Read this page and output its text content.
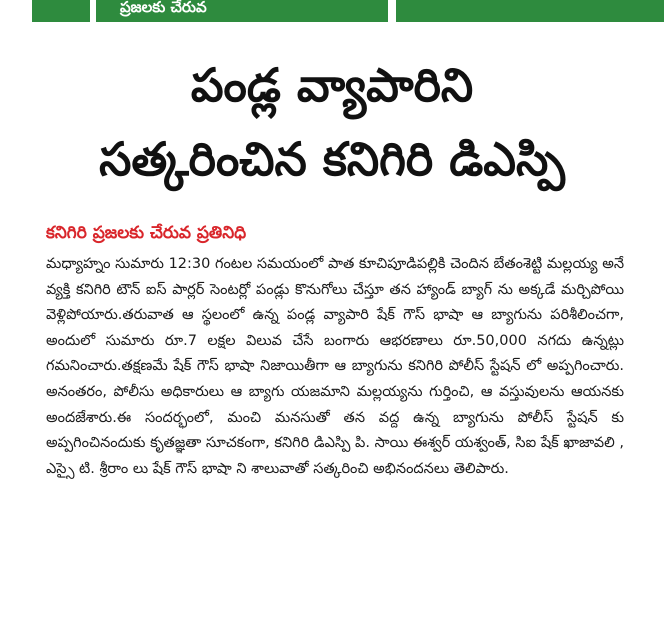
ప్రజలకు చేరువ
పండ్ల వ్యాపారిని
సత్కరించిన కనిగిరి డిఎస్పి
కనిగిరి ప్రజలకు చేరువ ప్రతినిధి
మధ్యాహ్నం సుమారు 12:30 గంటల సమయంలో పాత కూచిపూడిపల్లికి చెందిన బేతంశెట్టి మల్లయ్య అనే వ్యక్తి కనిగిరి టౌన్ ఐస్ పార్లర్ సెంటర్లో పండ్లు కొనుగోలు చేస్తూ తన హ్యాండ్ బ్యాగ్ ను అక్కడే మర్చిపోయి వెళ్లిపోయారు.తరువాత ఆ స్థలంలో ఉన్న పండ్ల వ్యాపారి షేక్ గౌస్ భాషా ఆ బ్యాగును పరిశీలించగా, అందులో సుమారు రూ.7 లక్షల విలువ చేసే బంగారు ఆభరణాలు రూ.50,000 నగదు ఉన్నట్లు గమనించారు.తక్షణమే షేక్ గౌస్ భాషా నిజాయితీగా ఆ బ్యాగును కనిగిరి పోలీస్ స్టేషన్ లో అప్పగించారు. అనంతరం, పోలీసు అధికారులు ఆ బ్యాగు యజమాని మల్లయ్యను గుర్తించి, ఆ వస్తువులను ఆయనకు అందజేశారు.ఈ సందర్భంలో, మంచి మనసుతో తన వద్ద ఉన్న బ్యాగును పోలీస్ స్టేషన్ కు అప్పగించినందుకు కృతజ్ఞతా సూచకంగా, కనిగిరి డిఎస్పి పి. సాయి ఈశ్వర్ యశ్వంత్, సిఐ షేక్ ఖాజావలి , ఎస్సై టి. శ్రీరాం లు షేక్ గౌస్ భాషా ని శాలువాతో సత్కరించి అభినందనలు తెలిపారు.
